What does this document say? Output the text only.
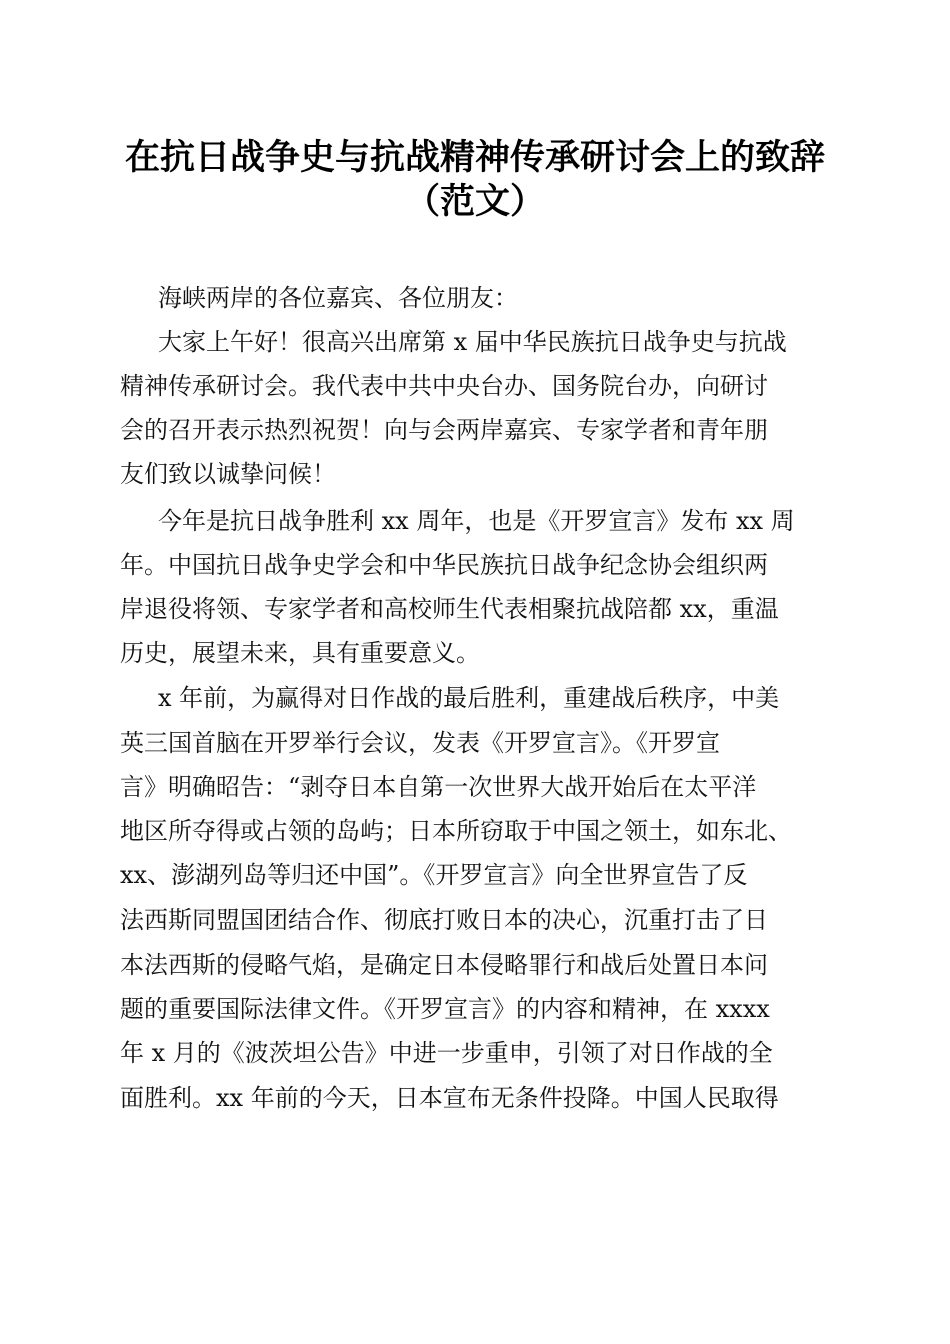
在抗日战争史与抗战精神传承研讨会上的致辞
（范文）
海峡两岸的各位嘉宾、各位朋友：
大家上午好！很高兴出席第 x 届中华民族抗日战争史与抗战
精神传承研讨会。我代表中共中央台办、国务院台办，向研讨
会的召开表示热烈祝贺！向与会两岸嘉宾、专家学者和青年朋
友们致以诚挚问候！
今年是抗日战争胜利 xx 周年，也是《开罗宣言》发布 xx 周
年。中国抗日战争史学会和中华民族抗日战争纪念协会组织两
岸退役将领、专家学者和高校师生代表相聚抗战陪都 xx，重温
历史，展望未来，具有重要意义。
x 年前，为赢得对日作战的最后胜利，重建战后秩序，中美
英三国首脑在开罗举行会议，发表《开罗宣言》。《开罗宣
言》明确昭告：“剥夺日本自第一次世界大战开始后在太平洋
地区所夺得或占领的岛屿；日本所窃取于中国之领土，如东北、
xx、澎湖列岛等归还中国”。《开罗宣言》向全世界宣告了反
法西斯同盟国团结合作、彻底打败日本的决心，沉重打击了日
本法西斯的侵略气焰，是确定日本侵略罪行和战后处置日本问
题的重要国际法律文件。《开罗宣言》的内容和精神，在 xxxx
年 x 月的《波茨坦公告》中进一步重申，引领了对日作战的全
面胜利。xx 年前的今天，日本宣布无条件投降。中国人民取得
